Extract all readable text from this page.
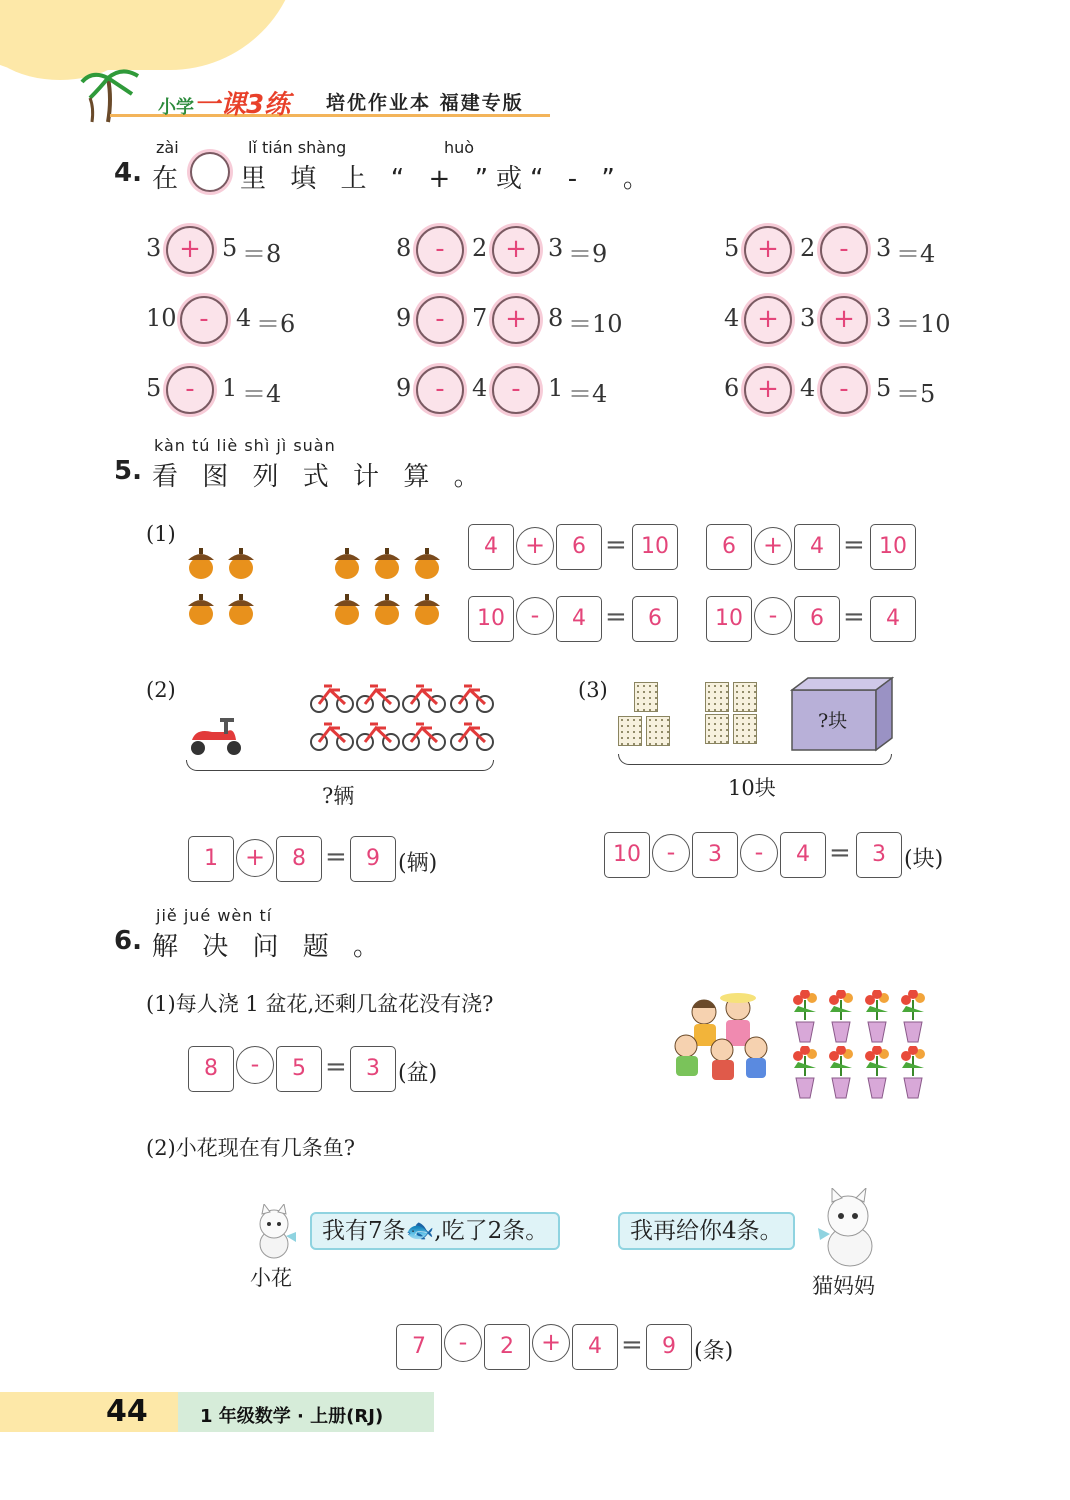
小学一课3练 培优作业本 福建专版
zài	lǐ tián shàng	huò
4. 在 里 填 上 “ + ”或“ - ”。
3 + 5 ＝8	8 -	2 + 3 ＝9	5 + 2 -	3 ＝4
10 -	4 ＝6	9 -	7 + 8 ＝10	4 + 3 + 3 ＝10
5 -	1 ＝4	9 -	4 -	1 ＝4	6 + 4 -	5 ＝5
kàn tú liè shì jì suàn
5. 看 图 列 式 计 算 。
(1)	4	+	6 = 10	6	+	4 = 10
10	-	4 = 6	10	-	6 = 4
(2)
?辆
1	+	8 = 9 (辆)
(3)
?块
10块
10	-	3	-	4 = 3 (块)
jiě jué wèn tí
6. 解 决 问 题 。
(1)每人浇 1 盆花,还剩几盆花没有浇?
8	-	5 = 3 (盆)
(2)小花现在有几条鱼?
小花
我有7条🐟,吃了2条。	我再给你4条。
猫妈妈
7	-	2	+	4 = 9 (条)
44	1 年级数学 · 上册(RJ)
